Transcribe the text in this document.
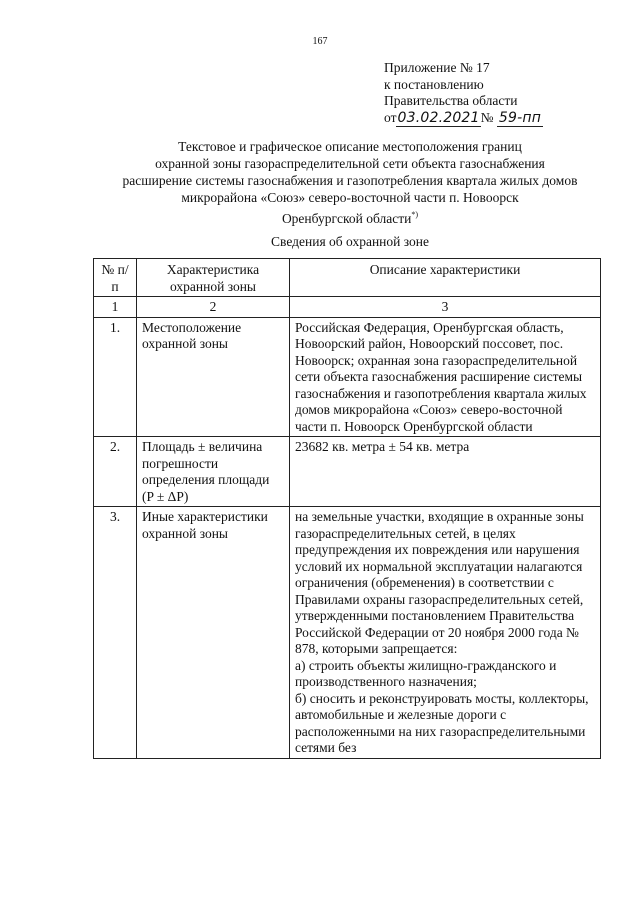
167
Приложение № 17
к постановлению
Правительства области
от03.02.2021№ 59-пп
Текстовое и графическое описание местоположения границ
охранной зоны газораспределительной сети объекта газоснабжения
расширение системы газоснабжения и газопотребления квартала жилых домов
микрорайона «Союз» северо-восточной части п. Новоорск
Оренбургской области*)
Сведения об охранной зоне
№ п/п	Характеристика охранной зоны	Описание характеристики
1	2	3
1.	Местоположение охранной зоны	Российская Федерация, Оренбургская область, Новоорский район, Новоорский поссовет, пос. Новоорск; охранная зона газораспределительной сети объекта газоснабжения расширение системы газоснабжения и газопотребления квартала жилых домов микрорайона «Союз» северо-восточной части п. Новоорск Оренбургской области
2.	Площадь ± величина погрешности определения площади (P ± ΔP)	23682 кв. метра ± 54 кв. метра
3.	Иные характеристики охранной зоны	на земельные участки, входящие в охранные зоны газораспределительных сетей, в целях предупреждения их повреждения или нарушения условий их нормальной эксплуатации налагаются ограничения (обременения) в соответствии с Правилами охраны газораспределительных сетей, утвержденными постановлением Правительства Российской Федерации от 20 ноября 2000 года № 878, которыми запрещается:
а) строить объекты жилищно-гражданского и производственного назначения;
б) сносить и реконструировать мосты, коллекторы, автомобильные и железные дороги с расположенными на них газораспределительными сетями без
